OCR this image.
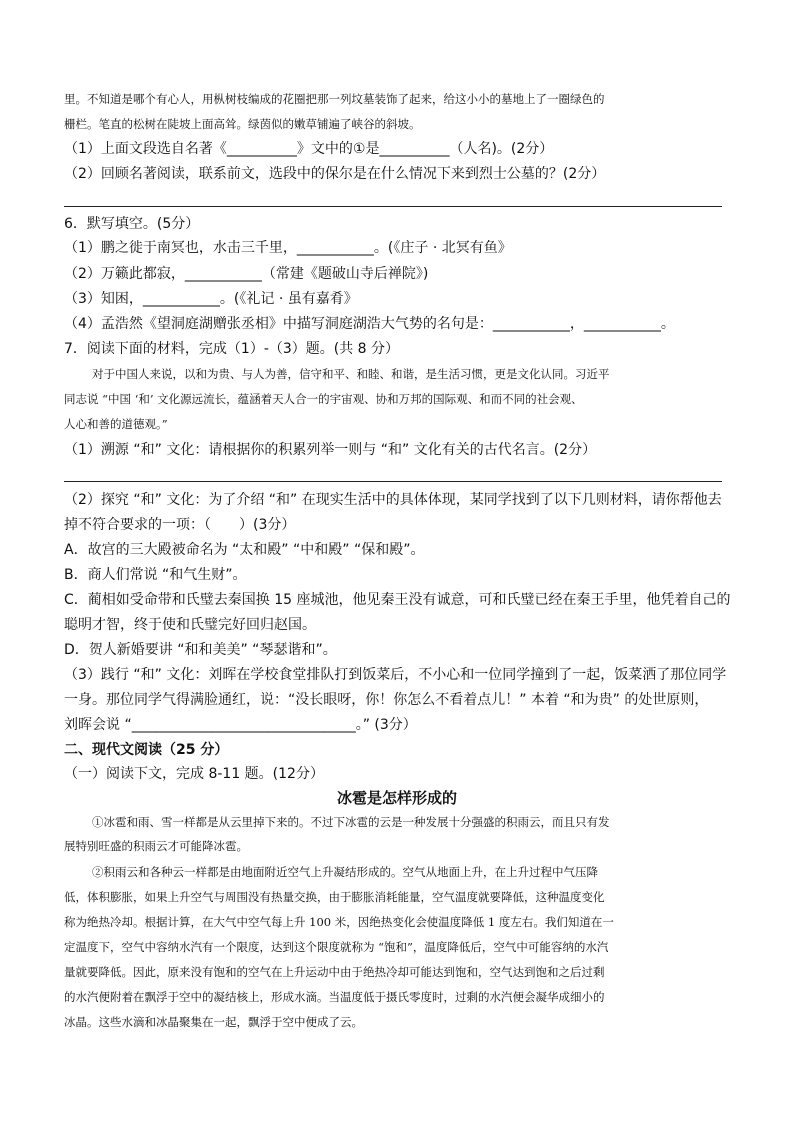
里。不知道是哪个有心人，用枞树枝编成的花圈把那一列坟墓装饰了起来，给这小小的墓地上了一圈绿色的
栅栏。笔直的松树在陡坡上面高耸。绿茵似的嫩草铺遍了峡谷的斜坡。
（1）上面文段选自名著《__________》文中的①是__________（人名)。(2分）
（2）回顾名著阅读，联系前文，选段中的保尔是在什么情况下来到烈士公墓的？(2分）
6．默写填空。(5分）
（1）鹏之徙于南冥也，水击三千里，___________。(《庄子 · 北冥有鱼》
（2）万籁此都寂，___________（常建《题破山寺后禅院》)
（3）知困，___________。(《礼记 · 虽有嘉肴》
（4）孟浩然《望洞庭湖赠张丞相》中描写洞庭湖浩大气势的名句是：___________，___________。
7．阅读下面的材料，完成（1）-（3）题。(共 8 分）
对于中国人来说，以和为贵、与人为善，信守和平、和睦、和谐，是生活习惯，更是文化认同。习近平
同志说 “中国 ‘和’ 文化源远流长，蕴涵着天人合一的宇宙观、协和万邦的国际观、和而不同的社会观、
人心和善的道德观。”
（1）溯源 “和” 文化：请根据你的积累列举一则与 “和” 文化有关的古代名言。(2分）
（2）探究 “和” 文化：为了介绍 “和” 在现实生活中的具体体现，某同学找到了以下几则材料，请你帮他去
掉不符合要求的一项：（　　）(3分）
A．故宫的三大殿被命名为 “太和殿” “中和殿” “保和殿”。
B．商人们常说 “和气生财”。
C．蔺相如受命带和氏璧去秦国换 15 座城池，他见秦王没有诚意，可和氏璧已经在秦王手里，他凭着自己的
聪明才智，终于使和氏璧完好回归赵国。
D．贺人新婚要讲 “和和美美” “琴瑟谐和”。
（3）践行 “和” 文化：刘晖在学校食堂排队打到饭菜后，不小心和一位同学撞到了一起，饭菜洒了那位同学
一身。那位同学气得满脸通红，说：“没长眼呀，你！你怎么不看着点儿！” 本着 “和为贵” 的处世原则，
刘晖会说 “________________________________。” (3分）
二、现代文阅读（25 分）
（一）阅读下文，完成 8-11 题。(12分）
冰雹是怎样形成的
①冰雹和雨、雪一样都是从云里掉下来的。不过下冰雹的云是一种发展十分强盛的积雨云，而且只有发
展特别旺盛的积雨云才可能降冰雹。
②积雨云和各种云一样都是由地面附近空气上升凝结形成的。空气从地面上升，在上升过程中气压降
低，体积膨胀，如果上升空气与周围没有热量交换，由于膨胀消耗能量，空气温度就要降低，这种温度变化
称为绝热冷却。根据计算，在大气中空气每上升 100 米，因绝热变化会使温度降低 1 度左右。我们知道在一
定温度下，空气中容纳水汽有一个限度，达到这个限度就称为 “饱和”，温度降低后，空气中可能容纳的水汽
量就要降低。因此，原来没有饱和的空气在上升运动中由于绝热冷却可能达到饱和，空气达到饱和之后过剩
的水汽便附着在飘浮于空中的凝结核上，形成水滴。当温度低于摄氏零度时，过剩的水汽便会凝华成细小的
冰晶。这些水滴和冰晶聚集在一起，飘浮于空中便成了云。
